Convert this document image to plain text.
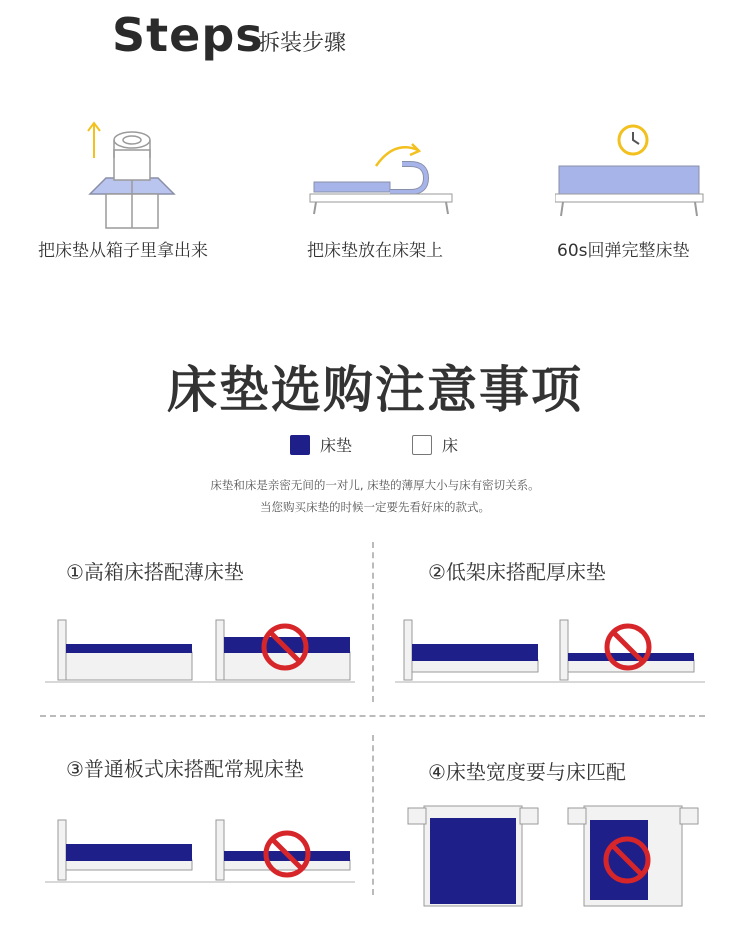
Steps
拆装步骤
把床垫从箱子里拿出来	把床垫放在床架上	60s回弹完整床垫
床垫选购注意事项
床垫	床
床垫和床是亲密无间的一对儿, 床垫的薄厚大小与床有密切关系。
当您购买床垫的时候一定要先看好床的款式。
①高箱床搭配薄床垫	②低架床搭配厚床垫
③普通板式床搭配常规床垫	④床垫宽度要与床匹配
